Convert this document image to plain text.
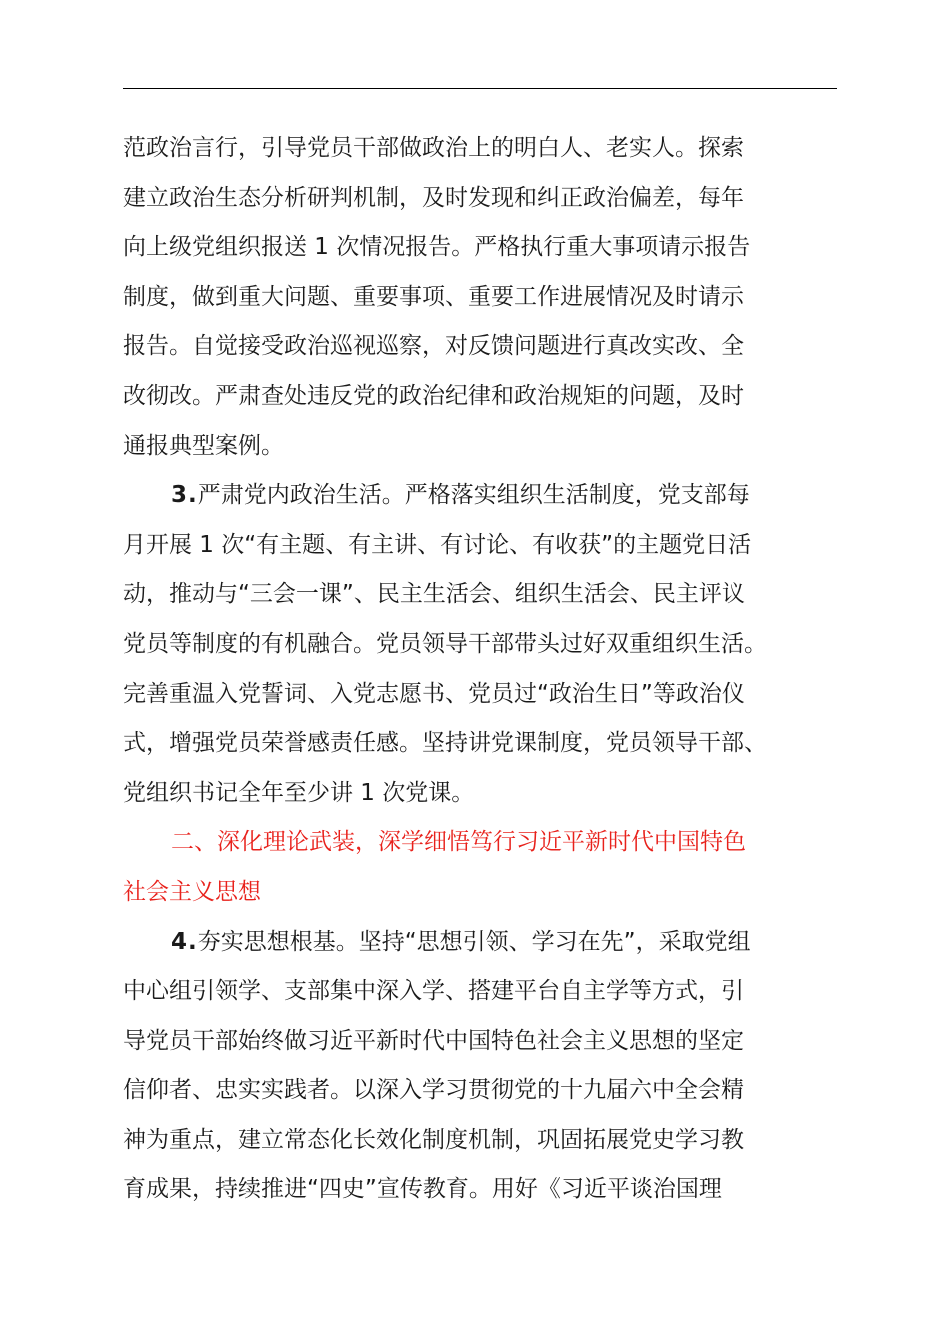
范政治言行，引导党员干部做政治上的明白人、老实人。探索
建立政治生态分析研判机制，及时发现和纠正政治偏差，每年
向上级党组织报送 1 次情况报告。严格执行重大事项请示报告
制度，做到重大问题、重要事项、重要工作进展情况及时请示
报告。自觉接受政治巡视巡察，对反馈问题进行真改实改、全
改彻改。严肃查处违反党的政治纪律和政治规矩的问题，及时
通报典型案例。
3.严肃党内政治生活。严格落实组织生活制度，党支部每
月开展 1 次“有主题、有主讲、有讨论、有收获”的主题党日活
动，推动与“三会一课”、民主生活会、组织生活会、民主评议
党员等制度的有机融合。党员领导干部带头过好双重组织生活。
完善重温入党誓词、入党志愿书、党员过“政治生日”等政治仪
式，增强党员荣誉感责任感。坚持讲党课制度，党员领导干部、
党组织书记全年至少讲 1 次党课。
二、深化理论武装，深学细悟笃行习近平新时代中国特色
社会主义思想
4.夯实思想根基。坚持“思想引领、学习在先”，采取党组
中心组引领学、支部集中深入学、搭建平台自主学等方式，引
导党员干部始终做习近平新时代中国特色社会主义思想的坚定
信仰者、忠实实践者。以深入学习贯彻党的十九届六中全会精
神为重点，建立常态化长效化制度机制，巩固拓展党史学习教
育成果，持续推进“四史”宣传教育。用好《习近平谈治国理
